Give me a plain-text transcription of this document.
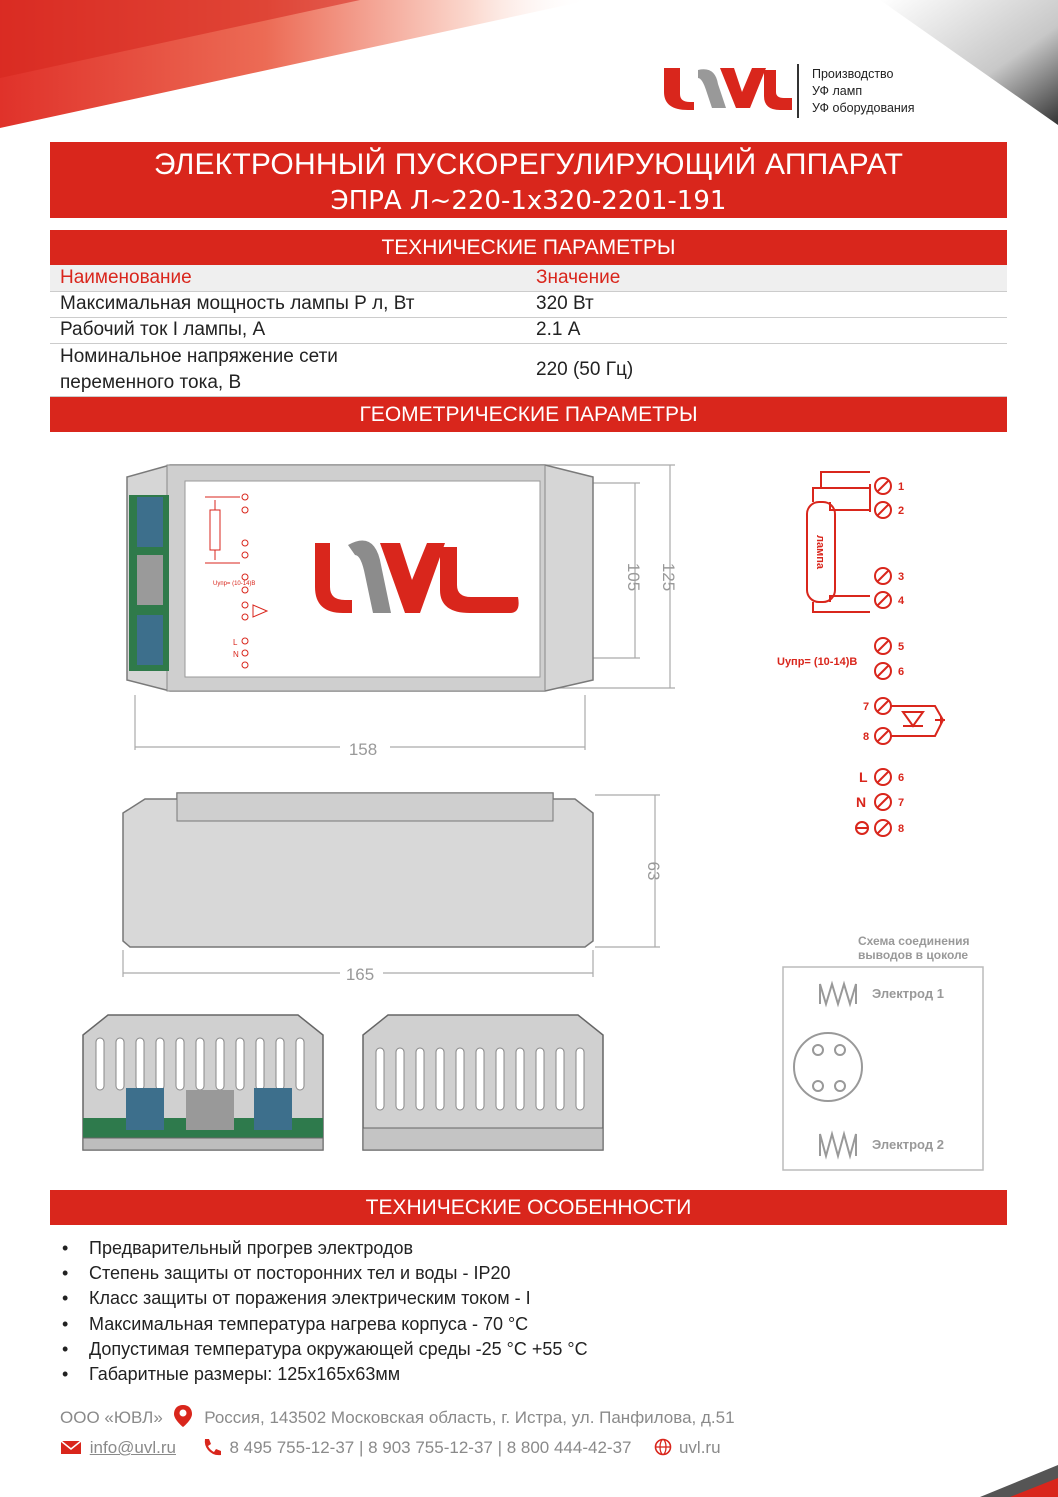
Производство
УФ ламп
УФ оборудования
ЭЛЕКТРОННЫЙ ПУСКОРЕГУЛИРУЮЩИЙ АППАРАТ
ЭПРА Л~220-1х320-2201-191
ТЕХНИЧЕСКИЕ ПАРАМЕТРЫ
Наименование	Значение
Максимальная мощность лампы Р л, Вт	320 Вт
Рабочий ток I лампы, А	2.1 А
Номинальное напряжение сети переменного тока, В	220 (50 Гц)
ГЕОМЕТРИЧЕСКИЕ ПАРАМЕТРЫ
Uупр= (10-14)B
L
N
158
125
105
165
63
лампа
Uупр= (10-14)В
1
2
3
4
5
6
7
8
6
7
8
L
N
Схема соединения
выводов в цоколе
Электрод 1
Электрод 2
ТЕХНИЧЕСКИЕ ОСОБЕННОСТИ
• Предварительный прогрев электродов
• Степень защиты от посторонних тел и воды - IP20
• Класс защиты от поражения электрическим током - I
• Максимальная температура нагрева корпуса - 70 °С
• Допустимая температура окружающей среды -25 °С +55 °С
• Габаритные размеры: 125х165х63мм
ООО «ЮВЛ» Россия, 143502 Московская область, г. Истра, ул. Панфилова, д.51
info@uvl.ru	8 495 755-12-37 | 8 903 755-12-37 | 8 800 444-42-37	uvl.ru
